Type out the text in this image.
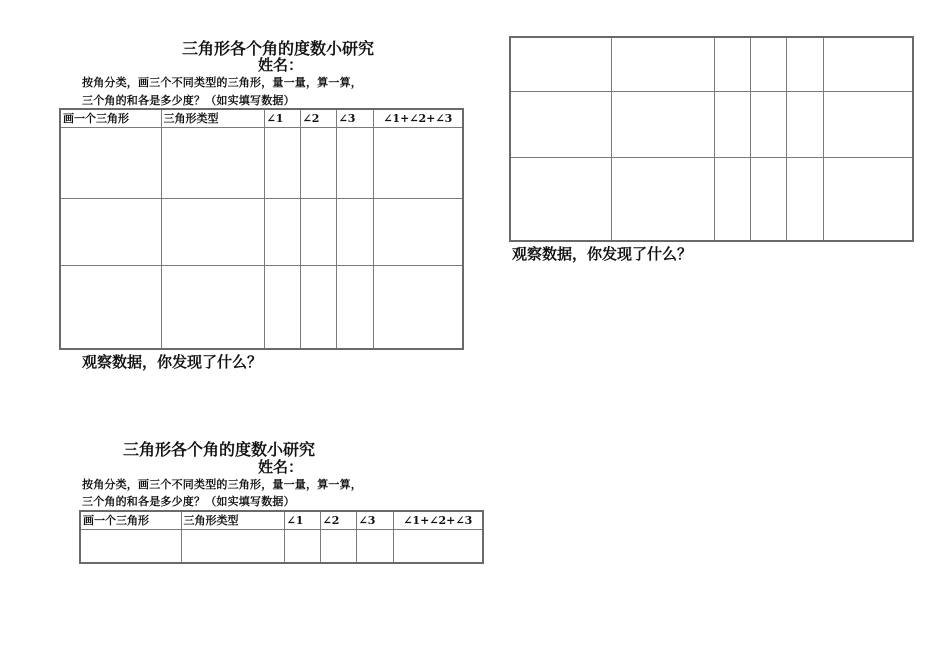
三角形各个角的度数小研究
姓名：
按角分类，画三个不同类型的三角形，量一量，算一算，
三个角的和各是多少度？（如实填写数据）
画一个三角形	三角形类型	∠1	∠2	∠3	∠1+∠2+∠3

观察数据，你发现了什么？

观察数据，你发现了什么？
三角形各个角的度数小研究
姓名：
按角分类，画三个不同类型的三角形，量一量，算一算，
三个角的和各是多少度？（如实填写数据）
画一个三角形	三角形类型	∠1	∠2	∠3	∠1+∠2+∠3
